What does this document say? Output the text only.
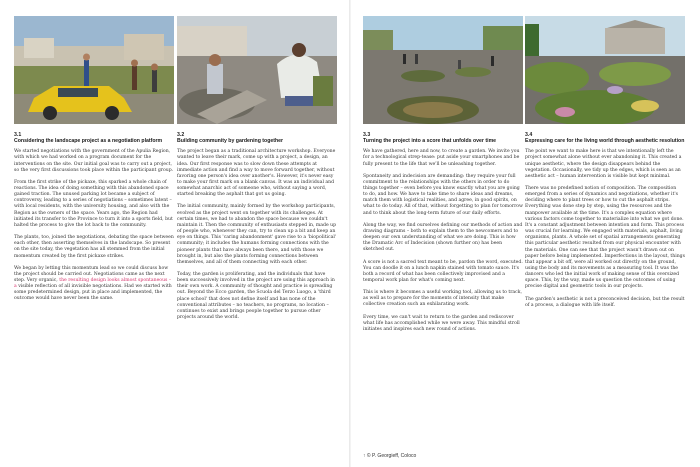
3.1
Considering the landscape project as a negotiation platform

We started negotiations with the government of the Apulia Region, with which we had worked on a program document for the interventions on the site. Our initial goal was to carry out a project, so the very first discussions took place within the participant group.

From the first strike of the pickaxe, this sparked a whole chain of reactions. The idea of doing something with this abandoned space gained traction. The unused parking lot became a subject of controversy, leading to a series of negotiations – sometimes latent – with local residents, with the university housing, and also with the Region as the owners of the space. Years ago, the Region had initiated its transfer to the Province to turn it into a sports field, but halted the process to give the lot back to the community.

The plants, too, joined the negotiations, debating the space between each other, then asserting themselves in the landscape. So present on the site today, the vegetation has all stemmed from the initial momentum created by the first pickaxe strikes.

We began by letting this momentum lead so we could discuss how the project should be carried out. Negotiations came as the next step. Very organic, the resulting design looks almost spontaneous – a visible reflection of all invisible negotiations. Had we started with some predetermined design, put in place and implemented, the outcome would have never been the same.

3.2
Building community by gardening together

The project began as a traditional architecture workshop. Everyone wanted to leave their mark, come up with a project, a design, an idea. Our first response was to slow down these attempts at immediate action and find a way to move forward together, without favoring one person's idea over another's. However, it's never easy to make your first mark on a blank canvas. It was an individual and somewhat anarchic act of someone who, without saying a word, started breaking the asphalt that got us going.

The initial community, mainly formed by the workshop participants, evolved as the project went on together with its challenges. At certain times, we had to abandon the space because we couldn't maintain it. Then the community of enthusiasts stepped in, made up of people who, whenever they can, try to clean up a bit and keep an eye on things. This 'caring abandonment' gave rise to a 'biopolitical' community; it includes the humans forming connections with the pioneer plants that have always been there, and with those we brought in, but also the plants forming connections between themselves, and all of them connecting with each other.

Today, the garden is proliferating, and the individuals that have been successively involved in the project are using this approach in their own work. A community of thought and practice is spreading out. Beyond the Ecco garden, the Scuola del Terzo Luogo, a 'third place school' that does not define itself and has none of the conventional attributes – no teachers, no programs, no location – continues to exist and brings people together to pursue other projects around the world.

3.3
Turning the project into a score that unfolds over time

We have gathered, here and now, to create a garden. We invite you for a technological strep-tease: put aside your smartphones and be fully present to the life that we'll be unleashing together.

Spontaneity and indecision are demanding: they require your full commitment to the relationships with the others in order to do things together – even before you know exactly what you are going to do, and how. We have to take time to share ideas and dreams, match them with logistical realities, and agree, in good spirits, on what to do today. All of that, without forgetting to plan for tomorrow and to think about the long-term future of our daily efforts.

Along the way, we find ourselves defining our methods of action and drawing diagrams – both to explain them to the newcomers and to deepen our own understanding of what we are doing. This is how the Dramatic Arc of Indecision (shown further on) has been sketched out.

A score is not a sacred text meant to be, pardon the word, executed. You can doodle it on a lunch napkin stained with tomato sauce. It's both a record of what has been collectively improvised and a temporal work plan for what's coming next.

This is where it becomes a useful working tool, allowing us to track, as well as to prepare for the moments of intensity that make collective creation such an exhilarating work.

Every time, we can't wait to return to the garden and rediscover what life has accomplished while we were away. This mindful stroll initiates and inspires each new round of actions.

3.4
Expressing care for the living world through aesthetic resolution

The point we want to make here is that we intentionally left the project somewhat alone without ever abandoning it. This created a unique aesthetic, where the design disappears behind the vegetation. Occasionally, we tidy up the edges, which is seen as an aesthetic act – human intervention is visible but kept minimal.

There was no predefined notion of composition. The composition emerged from a series of dynamics and negotiations, whether it's deciding where to plant trees or how to cut the asphalt strips. Everything was done step by step, using the resources and the manpower available at the time. It's a complex equation where various factors come together to materialize into what we got done. It's a constant adjustment between intention and form. This process was crucial for learning. We engaged with materials, asphalt, living organisms, plants. A whole set of spatial arrangements generating this particular aesthetic resulted from our physical encounter with the materials. One can see that the project wasn't drawn out on paper before being implemented. Imperfections in the layout, things that appear a bit off, were all worked out directly on the ground, using the body and its movements as a measuring tool. It was the dancers who led the initial work of making sense of this oversized space. This, by the way, made us question the outcomes of using precise digital and geometric tools in our projects.

The garden's aesthetic is not a preconceived decision, but the result of a process, a dialogue with life itself.

↑ © P. Georgieff, Coloco
